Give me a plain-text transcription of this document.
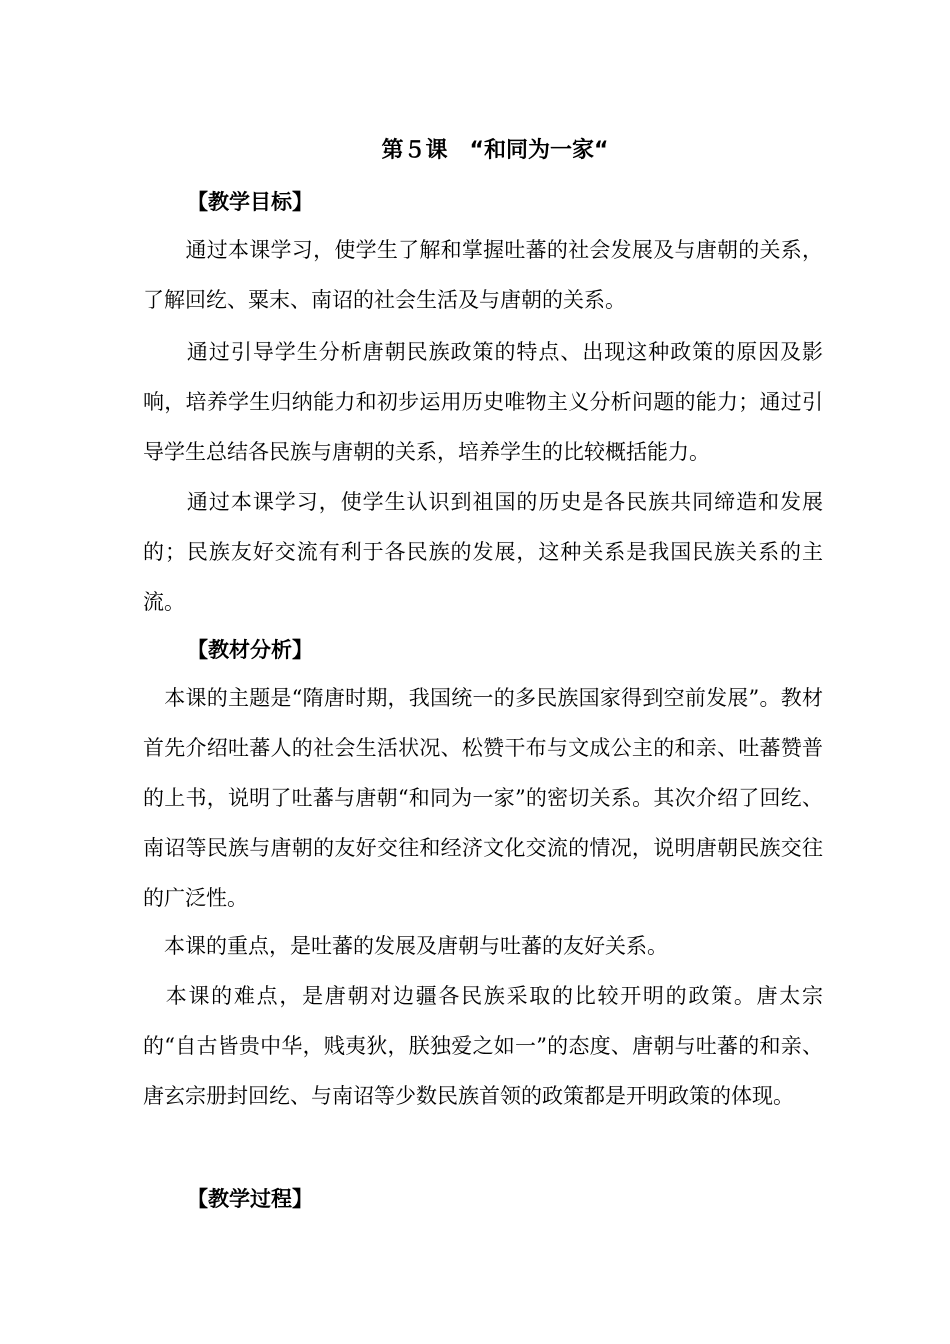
第５课　“和同为一家“
【教学目标】
　　通过本课学习，使学生了解和掌握吐蕃的社会发展及与唐朝的关系，了解回纥、粟末、南诏的社会生活及与唐朝的关系。
　　通过引导学生分析唐朝民族政策的特点、出现这种政策的原因及影响，培养学生归纳能力和初步运用历史唯物主义分析问题的能力；通过引导学生总结各民族与唐朝的关系，培养学生的比较概括能力。
　　通过本课学习，使学生认识到祖国的历史是各民族共同缔造和发展的；民族友好交流有利于各民族的发展，这种关系是我国民族关系的主流。
【教材分析】
　本课的主题是“隋唐时期，我国统一的多民族国家得到空前发展”。教材首先介绍吐蕃人的社会生活状况、松赞干布与文成公主的和亲、吐蕃赞普的上书，说明了吐蕃与唐朝“和同为一家”的密切关系。其次介绍了回纥、南诏等民族与唐朝的友好交往和经济文化交流的情况，说明唐朝民族交往的广泛性。
　本课的重点，是吐蕃的发展及唐朝与吐蕃的友好关系。
　本课的难点，是唐朝对边疆各民族采取的比较开明的政策。唐太宗的“自古皆贵中华，贱夷狄，朕独爱之如一”的态度、唐朝与吐蕃的和亲、唐玄宗册封回纥、与南诏等少数民族首领的政策都是开明政策的体现。
【教学过程】
